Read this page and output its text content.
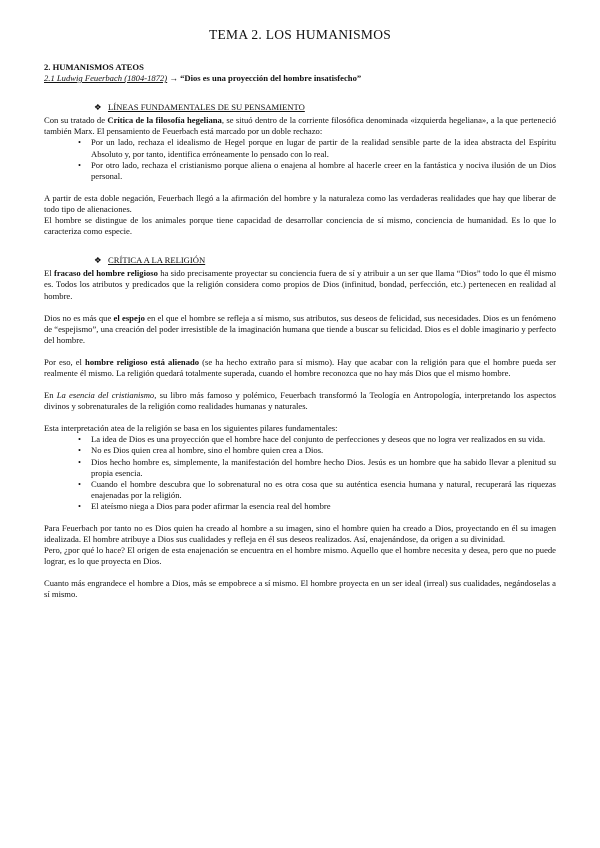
TEMA 2. LOS HUMANISMOS

2. HUMANISMOS ATEOS

2.1 Ludwig Feuerbach (1804-1872) → “Dios es una proyección del hombre insatisfecho”

❖ LÍNEAS FUNDAMENTALES DE SU PENSAMIENTO

Con su tratado de Crítica de la filosofía hegeliana, se situó dentro de la corriente filosófica denominada «izquierda hegeliana», a la que perteneció también Marx. El pensamiento de Feuerbach está marcado por un doble rechazo:

• Por un lado, rechaza el idealismo de Hegel porque en lugar de partir de la realidad sensible parte de la idea abstracta del Espíritu Absoluto y, por tanto, identifica erróneamente lo pensado con lo real.
• Por otro lado, rechaza el cristianismo porque aliena o enajena al hombre al hacerle creer en la fantástica y nociva ilusión de un Dios personal.

A partir de esta doble negación, Feuerbach llegó a la afirmación del hombre y la naturaleza como las verdaderas realidades que hay que liberar de todo tipo de alienaciones.

El hombre se distingue de los animales porque tiene capacidad de desarrollar conciencia de sí mismo, conciencia de humanidad. Es lo que lo caracteriza como especie.

❖ CRÍTICA A LA RELIGIÓN

El fracaso del hombre religioso ha sido precisamente proyectar su conciencia fuera de sí y atribuir a un ser que llama “Dios” todo lo que él mismo es. Todos los atributos y predicados que la religión considera como propios de Dios (infinitud, bondad, perfección, etc.) pertenecen en realidad al hombre.

Dios no es más que el espejo en el que el hombre se refleja a sí mismo, sus atributos, sus deseos de felicidad, sus necesidades. Dios es un fenómeno de “espejismo”, una creación del poder irresistible de la imaginación humana que tiende a buscar su felicidad. Dios es el doble imaginario y perfecto del hombre.

Por eso, el hombre religioso está alienado (se ha hecho extraño para sí mismo). Hay que acabar con la religión para que el hombre pueda ser realmente él mismo. La religión quedará totalmente superada, cuando el hombre reconozca que no hay más Dios que el mismo hombre.

En La esencia del cristianismo, su libro más famoso y polémico, Feuerbach transformó la Teología en Antropología, interpretando los aspectos divinos y sobrenaturales de la religión como realidades humanas y naturales.

Esta interpretación atea de la religión se basa en los siguientes pilares fundamentales:

• La idea de Dios es una proyección que el hombre hace del conjunto de perfecciones y deseos que no logra ver realizados en su vida.
• No es Dios quien crea al hombre, sino el hombre quien crea a Dios.
• Dios hecho hombre es, simplemente, la manifestación del hombre hecho Dios. Jesús es un hombre que ha sabido llevar a plenitud su propia esencia.
• Cuando el hombre descubra que lo sobrenatural no es otra cosa que su auténtica esencia humana y natural, recuperará las riquezas enajenadas por la religión.
• El ateísmo niega a Dios para poder afirmar la esencia real del hombre

Para Feuerbach por tanto no es Dios quien ha creado al hombre a su imagen, sino el hombre quien ha creado a Dios, proyectando en él su imagen idealizada. El hombre atribuye a Dios sus cualidades y refleja en él sus deseos realizados. Así, enajenándose, da origen a su divinidad.

Pero, ¿por qué lo hace? El origen de esta enajenación se encuentra en el hombre mismo. Aquello que el hombre necesita y desea, pero que no puede lograr, es lo que proyecta en Dios.

Cuanto más engrandece el hombre a Dios, más se empobrece a sí mismo. El hombre proyecta en un ser ideal (irreal) sus cualidades, negándoselas a sí mismo.
